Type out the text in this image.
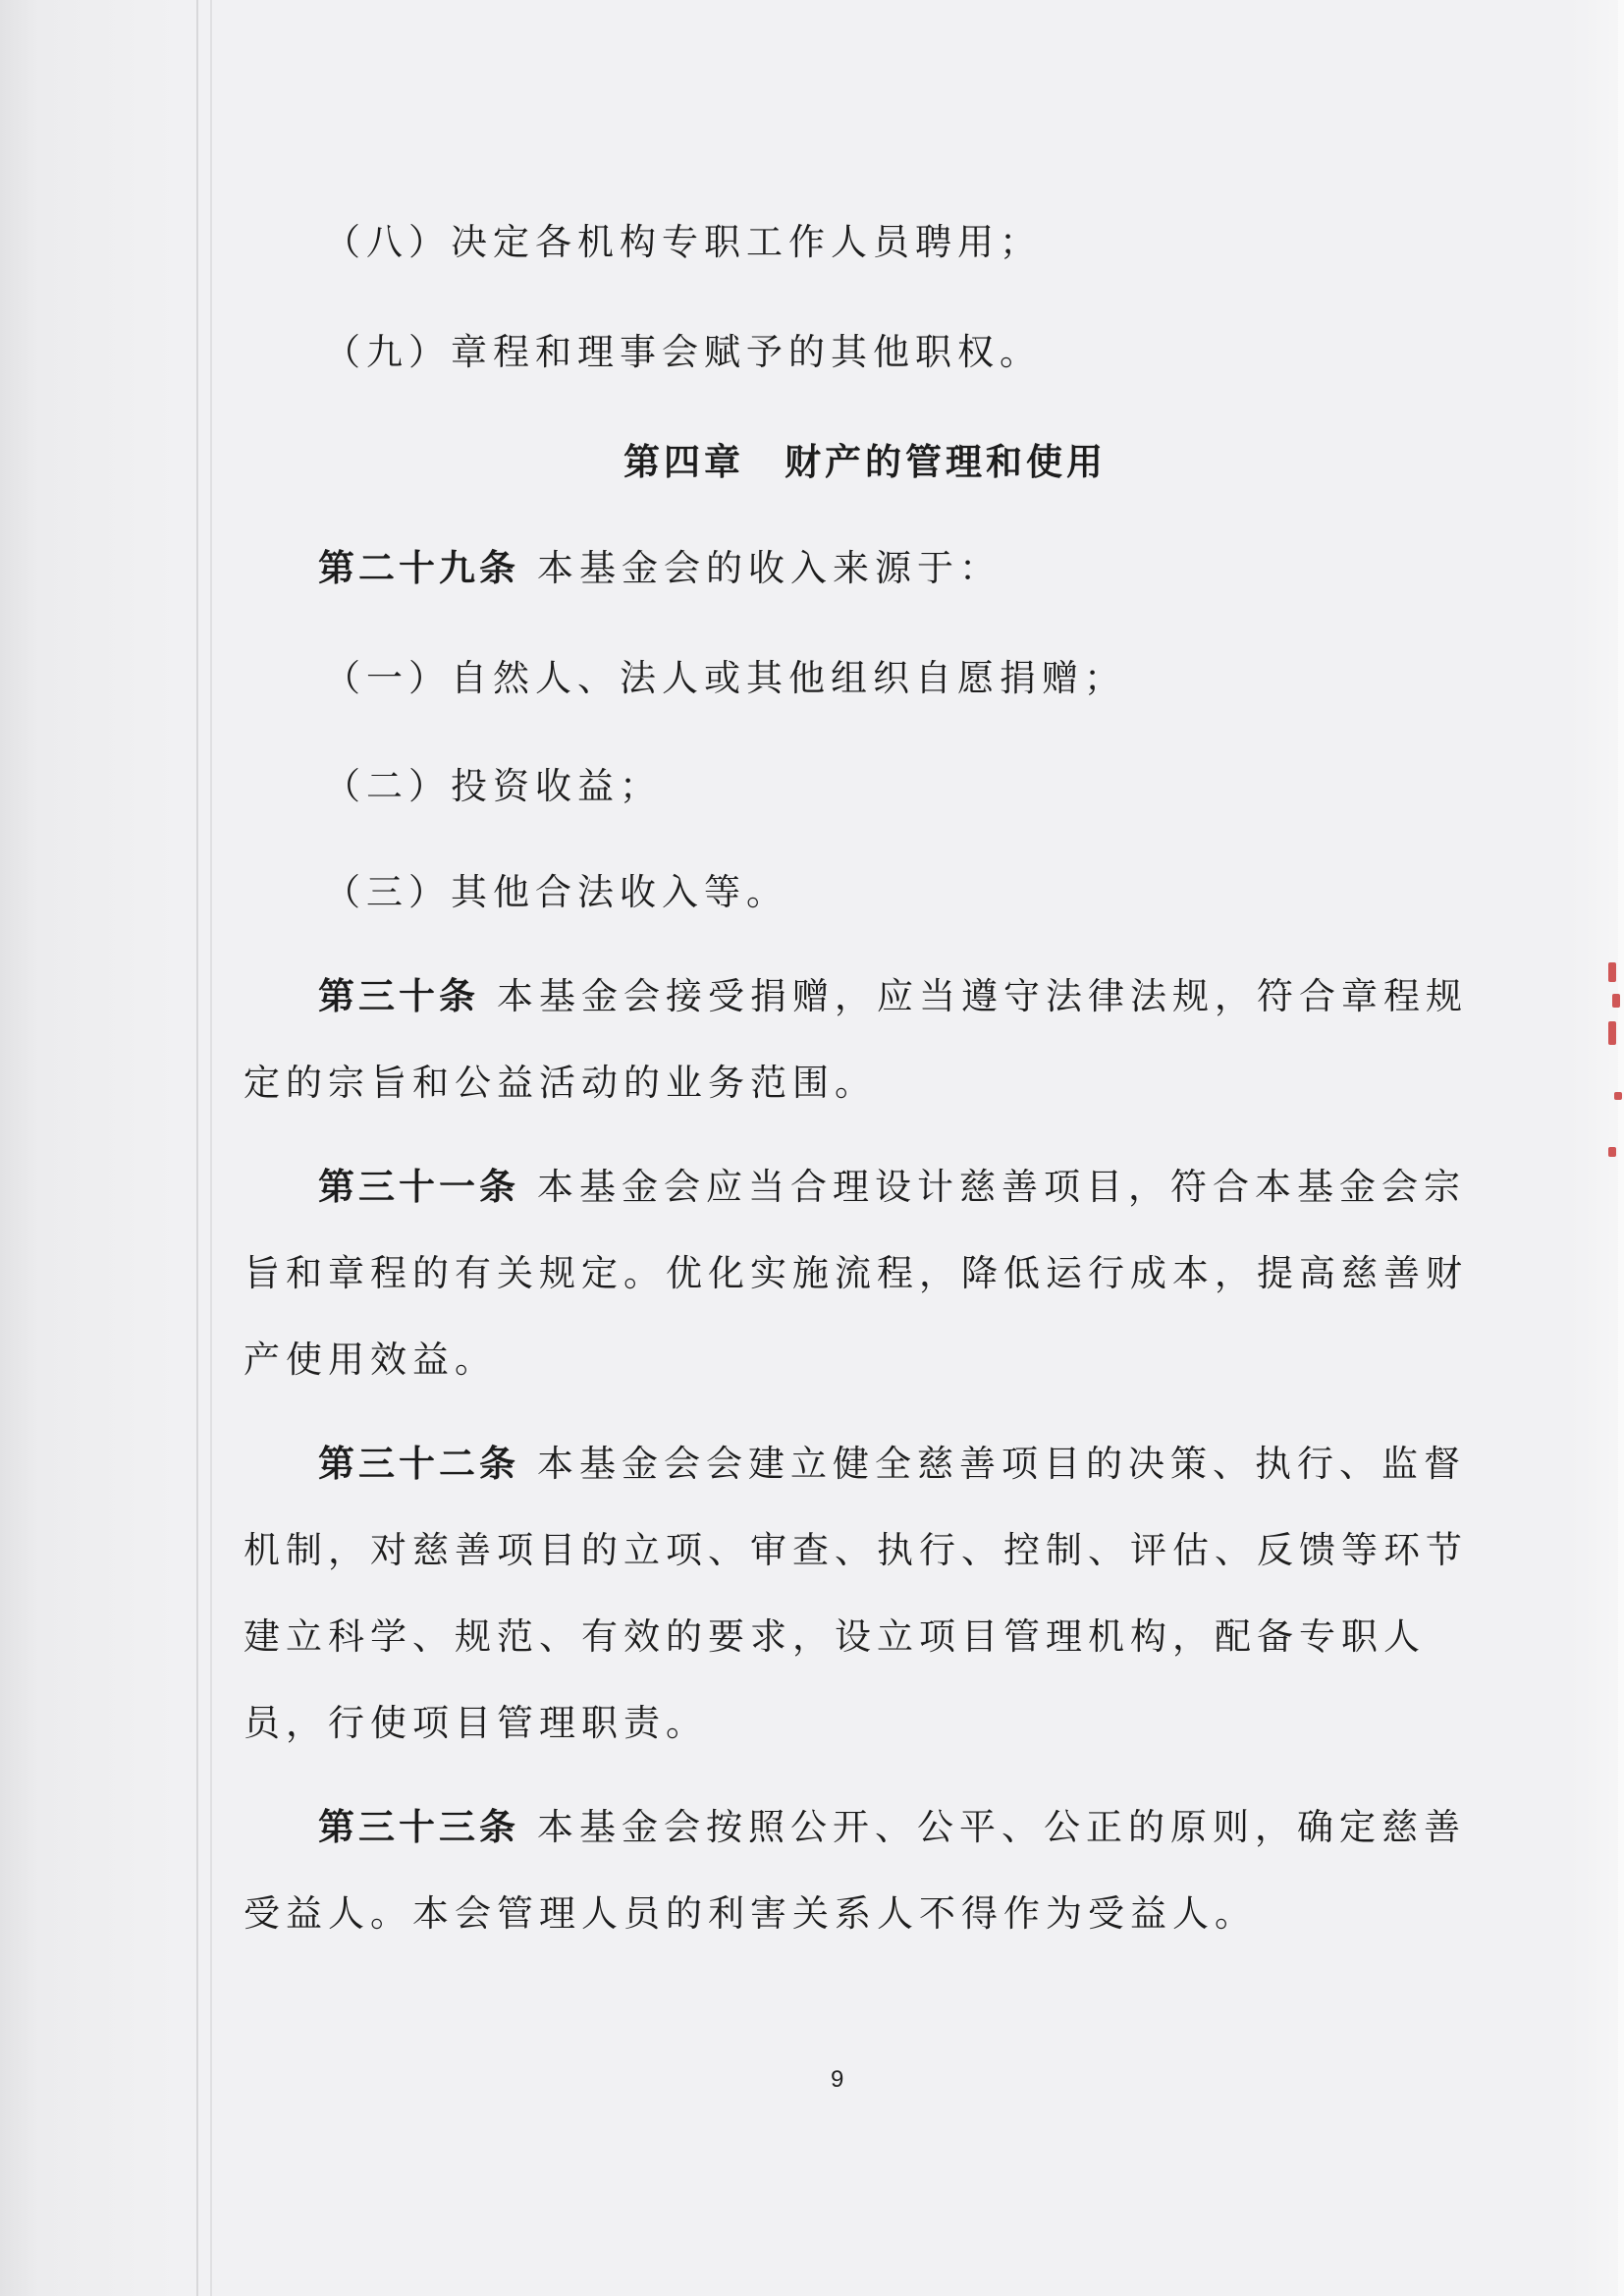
（八）决定各机构专职工作人员聘用；

（九）章程和理事会赋予的其他职权。

第四章　财产的管理和使用

第二十九条 本基金会的收入来源于：

（一）自然人、法人或其他组织自愿捐赠；

（二）投资收益；

（三）其他合法收入等。

第三十条 本基金会接受捐赠，应当遵守法律法规，符合章程规

定的宗旨和公益活动的业务范围。

第三十一条 本基金会应当合理设计慈善项目，符合本基金会宗

旨和章程的有关规定。优化实施流程，降低运行成本，提高慈善财

产使用效益。

第三十二条 本基金会会建立健全慈善项目的决策、执行、监督

机制，对慈善项目的立项、审查、执行、控制、评估、反馈等环节

建立科学、规范、有效的要求，设立项目管理机构，配备专职人

员，行使项目管理职责。

第三十三条 本基金会按照公开、公平、公正的原则，确定慈善

受益人。本会管理人员的利害关系人不得作为受益人。

9
